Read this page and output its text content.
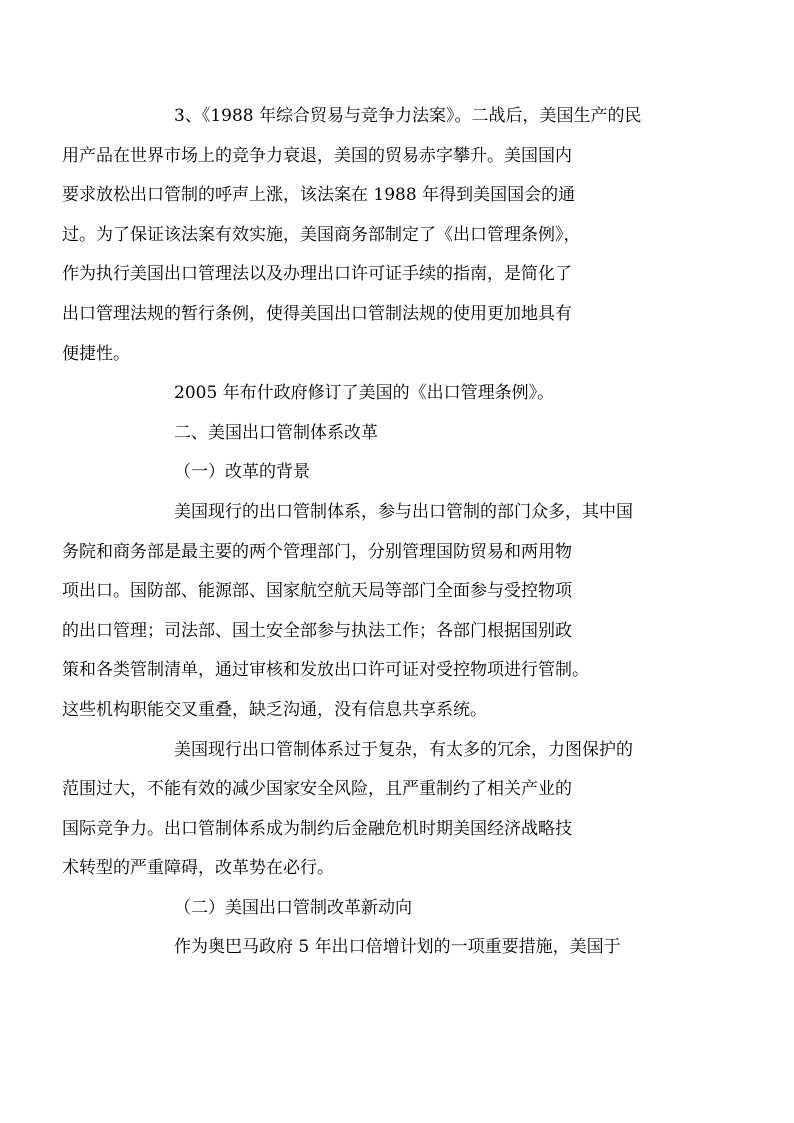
3、《1988 年综合贸易与竞争力法案》。二战后，美国生产的民
用产品在世界市场上的竞争力衰退，美国的贸易赤字攀升。美国国内
要求放松出口管制的呼声上涨，该法案在 1988 年得到美国国会的通
过。为了保证该法案有效实施，美国商务部制定了《出口管理条例》，
作为执行美国出口管理法以及办理出口许可证手续的指南，是简化了
出口管理法规的暂行条例，使得美国出口管制法规的使用更加地具有
便捷性。

2005 年布什政府修订了美国的《出口管理条例》。

二、美国出口管制体系改革

（一）改革的背景

美国现行的出口管制体系，参与出口管制的部门众多，其中国
务院和商务部是最主要的两个管理部门，分别管理国防贸易和两用物
项出口。国防部、能源部、国家航空航天局等部门全面参与受控物项
的出口管理；司法部、国土安全部参与执法工作；各部门根据国别政
策和各类管制清单，通过审核和发放出口许可证对受控物项进行管制。
这些机构职能交叉重叠，缺乏沟通，没有信息共享系统。

美国现行出口管制体系过于复杂，有太多的冗余，力图保护的
范围过大，不能有效的减少国家安全风险，且严重制约了相关产业的
国际竞争力。出口管制体系成为制约后金融危机时期美国经济战略技
术转型的严重障碍，改革势在必行。

（二）美国出口管制改革新动向

作为奥巴马政府 5 年出口倍增计划的一项重要措施，美国于
